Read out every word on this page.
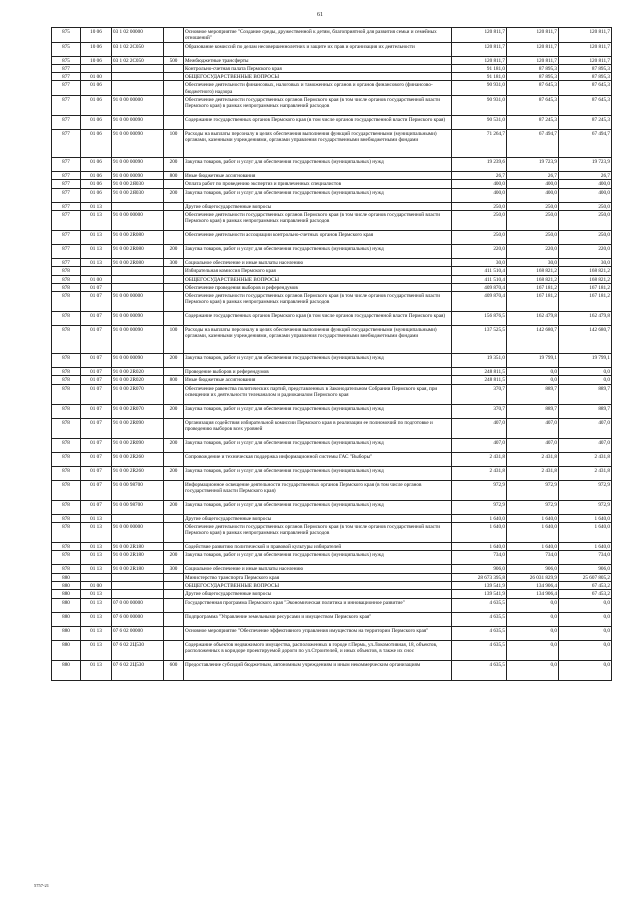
61
875	10 06	03 1 02 00000		Основное мероприятие "Создание среды, дружественной к детям, благоприятной для развития семьи и семейных отношений"	120 811,7	120 811,7	120 811,7
875	10 06	03 1 02 2С050		Образование комиссий по делам несовершеннолетних и защите их прав и организация их деятельности	120 811,7	120 811,7	120 811,7
875	10 06	03 1 02 2С050	500	Межбюджетные трансферты	120 811,7	120 811,7	120 811,7
877				Контрольно-счетная палата Пермского края	91 181,0	87 895,3	87 895,3
877	01 00			ОБЩЕГОСУДАРСТВЕННЫЕ ВОПРОСЫ	91 181,0	87 895,3	87 895,3
877	01 06			Обеспечение деятельности финансовых, налоговых и таможенных органов и органов финансового (финансово-бюджетного) надзора	90 931,0	87 645,3	87 645,3
877	01 06	91 0 00 00000		Обеспечение деятельности государственных органов Пермского края (в том числе органов государственной власти Пермского края) в рамках непрограммных направлений расходов	90 931,0	87 645,3	87 645,3
877	01 06	91 0 00 00090		Содержание государственных органов Пермского края (в том числе органов государственной власти Пермского края)	90 531,0	87 245,3	87 245,3
877	01 06	91 0 00 00090	100	Расходы на выплаты персоналу в целях обеспечения выполнения функций государственными (муниципальными) органами, казенными учреждениями, органами управления государственными внебюджетными фондами	71 264,7	67 494,7	67 494,7
877	01 06	91 0 00 00090	200	Закупка товаров, работ и услуг для обеспечения государственных (муниципальных) нужд	19 239,6	19 723,9	19 723,9
877	01 06	91 0 00 00090	800	Иные бюджетные ассигнования	26,7	26,7	26,7
877	01 06	91 0 00 2Я030		Оплата работ по проведению экспертиз и привлеченных специалистов	400,0	400,0	400,0
877	01 06	91 0 00 2Я030	200	Закупка товаров, работ и услуг для обеспечения государственных (муниципальных) нужд	400,0	400,0	400,0
877	01 13			Другие общегосударственные вопросы	250,0	250,0	250,0
877	01 13	91 0 00 00000		Обеспечение деятельности государственных органов Пермского края (в том числе органов государственной власти Пермского края) в рамках непрограммных направлений расходов	250,0	250,0	250,0
877	01 13	91 0 00 2R080		Обеспечение деятельности ассоциации контрольно-счетных органов Пермского края	250,0	250,0	250,0
877	01 13	91 0 00 2R080	200	Закупка товаров, работ и услуг для обеспечения государственных (муниципальных) нужд	220,0	220,0	220,0
877	01 13	91 0 00 2R080	300	Социальное обеспечение и иные выплаты населению	30,0	30,0	30,0
878				Избирательная комиссия Пермского края	411 510,4	168 821,2	168 821,2
878	01 00			ОБЩЕГОСУДАРСТВЕННЫЕ ВОПРОСЫ	411 510,4	168 821,2	168 821,2
878	01 07			Обеспечение проведения выборов и референдумов	409 870,4	167 181,2	167 181,2
878	01 07	91 0 00 00000		Обеспечение деятельности государственных органов Пермского края (в том числе органов государственной власти Пермского края) в рамках непрограммных направлений расходов	409 870,4	167 181,2	167 181,2
878	01 07	91 0 00 00090		Содержание государственных органов Пермского края (в том числе органов государственной власти Пермского края)	156 876,5	162 479,8	162 479,8
878	01 07	91 0 00 00090	100	Расходы на выплаты персоналу в целях обеспечения выполнения функций государственными (муниципальными) органами, казенными учреждениями, органами управления государственными внебюджетными фондами	137 525,5	142 680,7	142 680,7
878	01 07	91 0 00 00090	200	Закупка товаров, работ и услуг для обеспечения государственных (муниципальных) нужд	19 351,0	19 799,1	19 799,1
878	01 07	91 0 00 2R020		Проведение выборов и референдумов	248 811,5	0,0	0,0
878	01 07	91 0 00 2R020	800	Иные бюджетные ассигнования	248 811,5	0,0	0,0
878	01 07	91 0 00 2R070		Обеспечение равенства политических партий, представленных в Законодательном Собрании Пермского края, при освещении их деятельности телеканалом и радиоканалом Пермского края	370,7	889,7	889,7
878	01 07	91 0 00 2R070	200	Закупка товаров, работ и услуг для обеспечения государственных (муниципальных) нужд	370,7	889,7	889,7
878	01 07	91 0 00 2R090		Организация содействия избирательной комиссии Пермского края в реализации ее полномочий по подготовке и проведению выборов всех уровней	407,0	407,0	407,0
878	01 07	91 0 00 2R090	200	Закупка товаров, работ и услуг для обеспечения государственных (муниципальных) нужд	407,0	407,0	407,0
878	01 07	91 0 00 2R260		Сопровождение и техническая поддержка информационной системы ГАС "Выборы"	2 431,8	2 431,8	2 431,8
878	01 07	91 0 00 2R260	200	Закупка товаров, работ и услуг для обеспечения государственных (муниципальных) нужд	2 431,8	2 431,8	2 431,8
878	01 07	91 0 00 98700		Информационное освещение деятельности государственных органов Пермского края (в том числе органов государственной власти Пермского края)	972,9	972,9	972,9
878	01 07	91 0 00 98700	200	Закупка товаров, работ и услуг для обеспечения государственных (муниципальных) нужд	972,9	972,9	972,9
878	01 13			Другие общегосударственные вопросы	1 640,0	1 640,0	1 640,0
878	01 13	91 0 00 00000		Обеспечение деятельности государственных органов Пермского края (в том числе органов государственной власти Пермского края) в рамках непрограммных направлений расходов	1 640,0	1 640,0	1 640,0
878	01 13	91 0 00 2R180		Содействие развитию политической и правовой культуры избирателей	1 640,0	1 640,0	1 640,0
878	01 13	91 0 00 2R180	200	Закупка товаров, работ и услуг для обеспечения государственных (муниципальных) нужд	734,0	734,0	734,0
878	01 13	91 0 00 2R180	300	Социальное обеспечение и иные выплаты населению	906,0	906,0	906,0
880				Министерство транспорта Пермского края	28 673 395,8	26 031 829,9	25 607 805,2
880	01 00			ОБЩЕГОСУДАРСТВЕННЫЕ ВОПРОСЫ	139 541,9	134 906,4	67 453,2
880	01 13			Другие общегосударственные вопросы	139 541,9	134 906,4	67 453,2
880	01 13	07 0 00 00000		Государственная программа Пермского края "Экономическая политика и инновационное развитие"	4 635,5	0,0	0,0
880	01 13	07 6 00 00000		Подпрограмма "Управление земельными ресурсами и имуществом Пермского края"	4 635,5	0,0	0,0
880	01 13	07 6 02 00000		Основное мероприятие "Обеспечение эффективного управления имуществом на территории Пермского края"	4 635,5	0,0	0,0
880	01 13	07 6 02 2Ц530		Содержание объектов недвижимого имущества, расположенных в городе г.Пермь, ул.Локомотивная, 18, объектов, расположенных в коридоре проектируемой дороги по ул.Строителей, и иных объектов, в также их снос	4 635,5	0,0	0,0
880	01 13	07 6 02 2Ц530	600	Предоставление субсидий бюджетным, автономным учреждениям и иным некоммерческим организациям	4 635,5	0,0	0,0
5757-21
